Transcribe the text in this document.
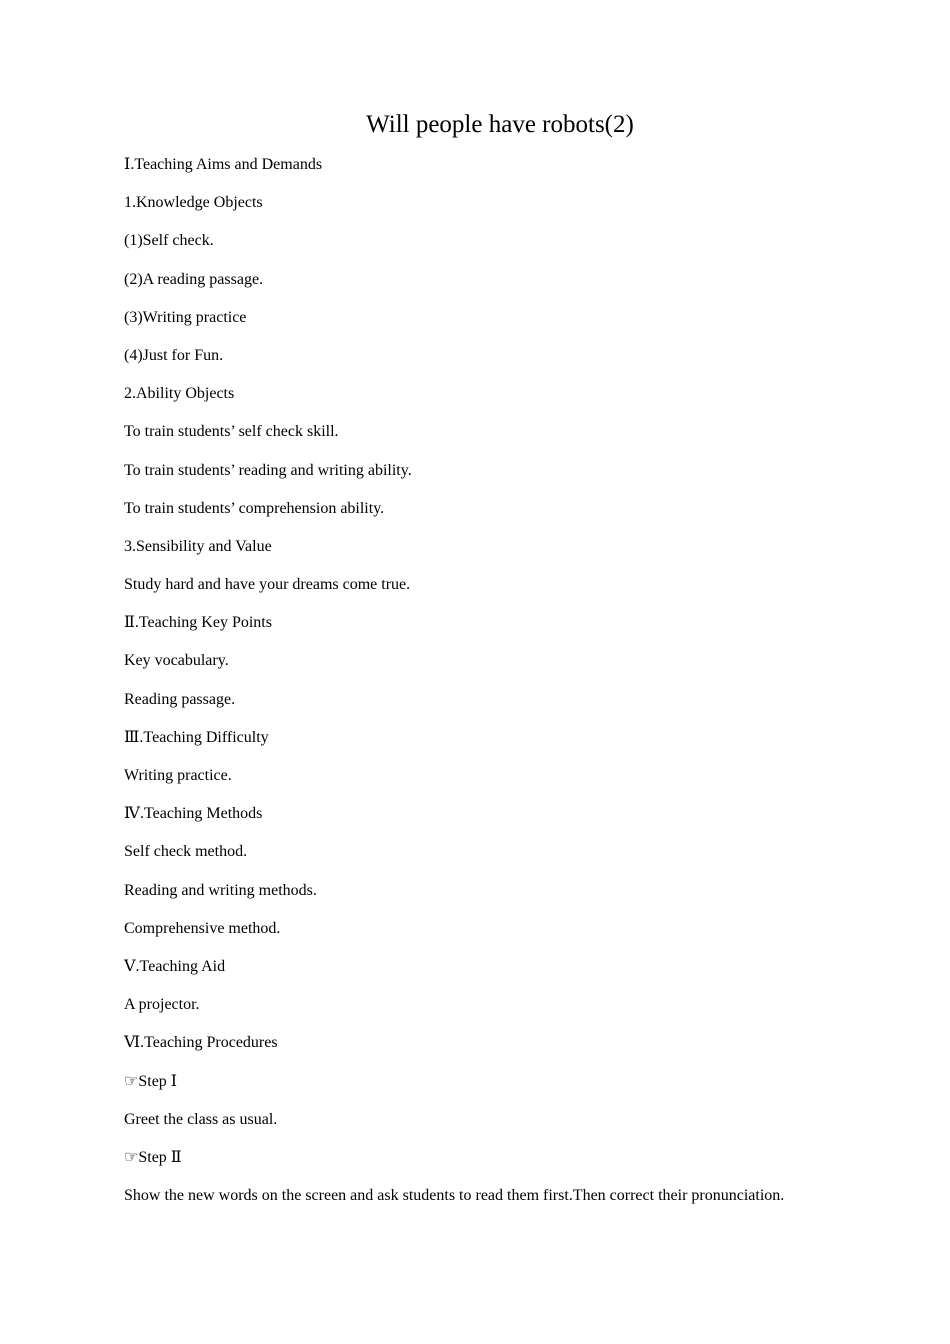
Will people have robots(2)
Ⅰ.Teaching Aims and Demands
1.Knowledge Objects
(1)Self check.
(2)A reading passage.
(3)Writing practice
(4)Just for Fun.
2.Ability Objects
To train students’ self check skill.
To train students’ reading and writing ability.
To train students’ comprehension ability.
3.Sensibility and Value
Study hard and have your dreams come true.
Ⅱ.Teaching Key Points
Key vocabulary.
Reading passage.
Ⅲ.Teaching Difficulty
Writing practice.
Ⅳ.Teaching Methods
Self check method.
Reading and writing methods.
Comprehensive method.
Ⅴ.Teaching Aid
A projector.
Ⅵ.Teaching Procedures
☞Step Ⅰ
Greet the class as usual.
☞Step Ⅱ
Show the new words on the screen and ask students to read them first.Then correct their pronunciation.
